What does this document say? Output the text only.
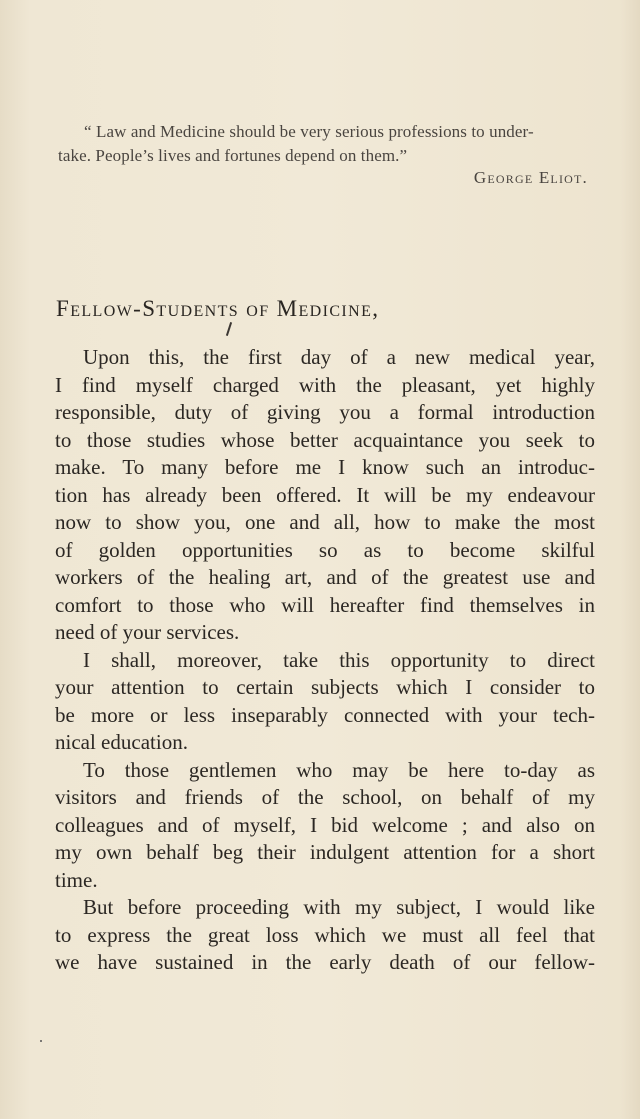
“ Law and Medicine should be very serious professions to under-
take. People’s lives and fortunes depend on them.”
George Eliot.
Fellow-Students of Medicine,
Upon this, the first day of a new medical year,
I find myself charged with the pleasant, yet highly
responsible, duty of giving you a formal introduction
to those studies whose better acquaintance you seek to
make. To many before me I know such an introduc-
tion has already been offered. It will be my endeavour
now to show you, one and all, how to make the most
of golden opportunities so as to become skilful
workers of the healing art, and of the greatest use and
comfort to those who will hereafter find themselves in
need of your services.
I shall, moreover, take this opportunity to direct
your attention to certain subjects which I consider to
be more or less inseparably connected with your tech-
nical education.
To those gentlemen who may be here to-day as
visitors and friends of the school, on behalf of my
colleagues and of myself, I bid welcome ; and also on
my own behalf beg their indulgent attention for a short
time.
But before proceeding with my subject, I would like
to express the great loss which we must all feel that
we have sustained in the early death of our fellow-
